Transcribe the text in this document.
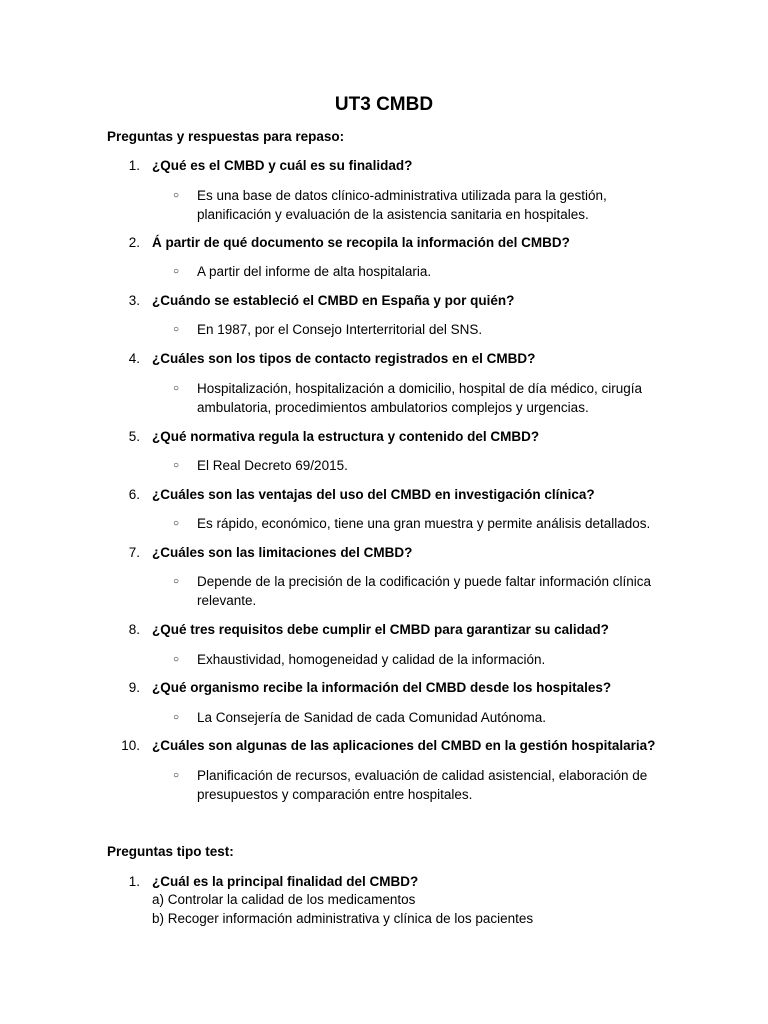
UT3 CMBD
Preguntas y respuestas para repaso:
1. ¿Qué es el CMBD y cuál es su finalidad?
○ Es una base de datos clínico-administrativa utilizada para la gestión, planificación y evaluación de la asistencia sanitaria en hospitales.
2. Á partir de qué documento se recopila la información del CMBD?
○ A partir del informe de alta hospitalaria.
3. ¿Cuándo se estableció el CMBD en España y por quién?
○ En 1987, por el Consejo Interterritorial del SNS.
4. ¿Cuáles son los tipos de contacto registrados en el CMBD?
○ Hospitalización, hospitalización a domicilio, hospital de día médico, cirugía ambulatoria, procedimientos ambulatorios complejos y urgencias.
5. ¿Qué normativa regula la estructura y contenido del CMBD?
○ El Real Decreto 69/2015.
6. ¿Cuáles son las ventajas del uso del CMBD en investigación clínica?
○ Es rápido, económico, tiene una gran muestra y permite análisis detallados.
7. ¿Cuáles son las limitaciones del CMBD?
○ Depende de la precisión de la codificación y puede faltar información clínica relevante.
8. ¿Qué tres requisitos debe cumplir el CMBD para garantizar su calidad?
○ Exhaustividad, homogeneidad y calidad de la información.
9. ¿Qué organismo recibe la información del CMBD desde los hospitales?
○ La Consejería de Sanidad de cada Comunidad Autónoma.
10. ¿Cuáles son algunas de las aplicaciones del CMBD en la gestión hospitalaria?
○ Planificación de recursos, evaluación de calidad asistencial, elaboración de presupuestos y comparación entre hospitales.
Preguntas tipo test:
1. ¿Cuál es la principal finalidad del CMBD?
a) Controlar la calidad de los medicamentos
b) Recoger información administrativa y clínica de los pacientes
